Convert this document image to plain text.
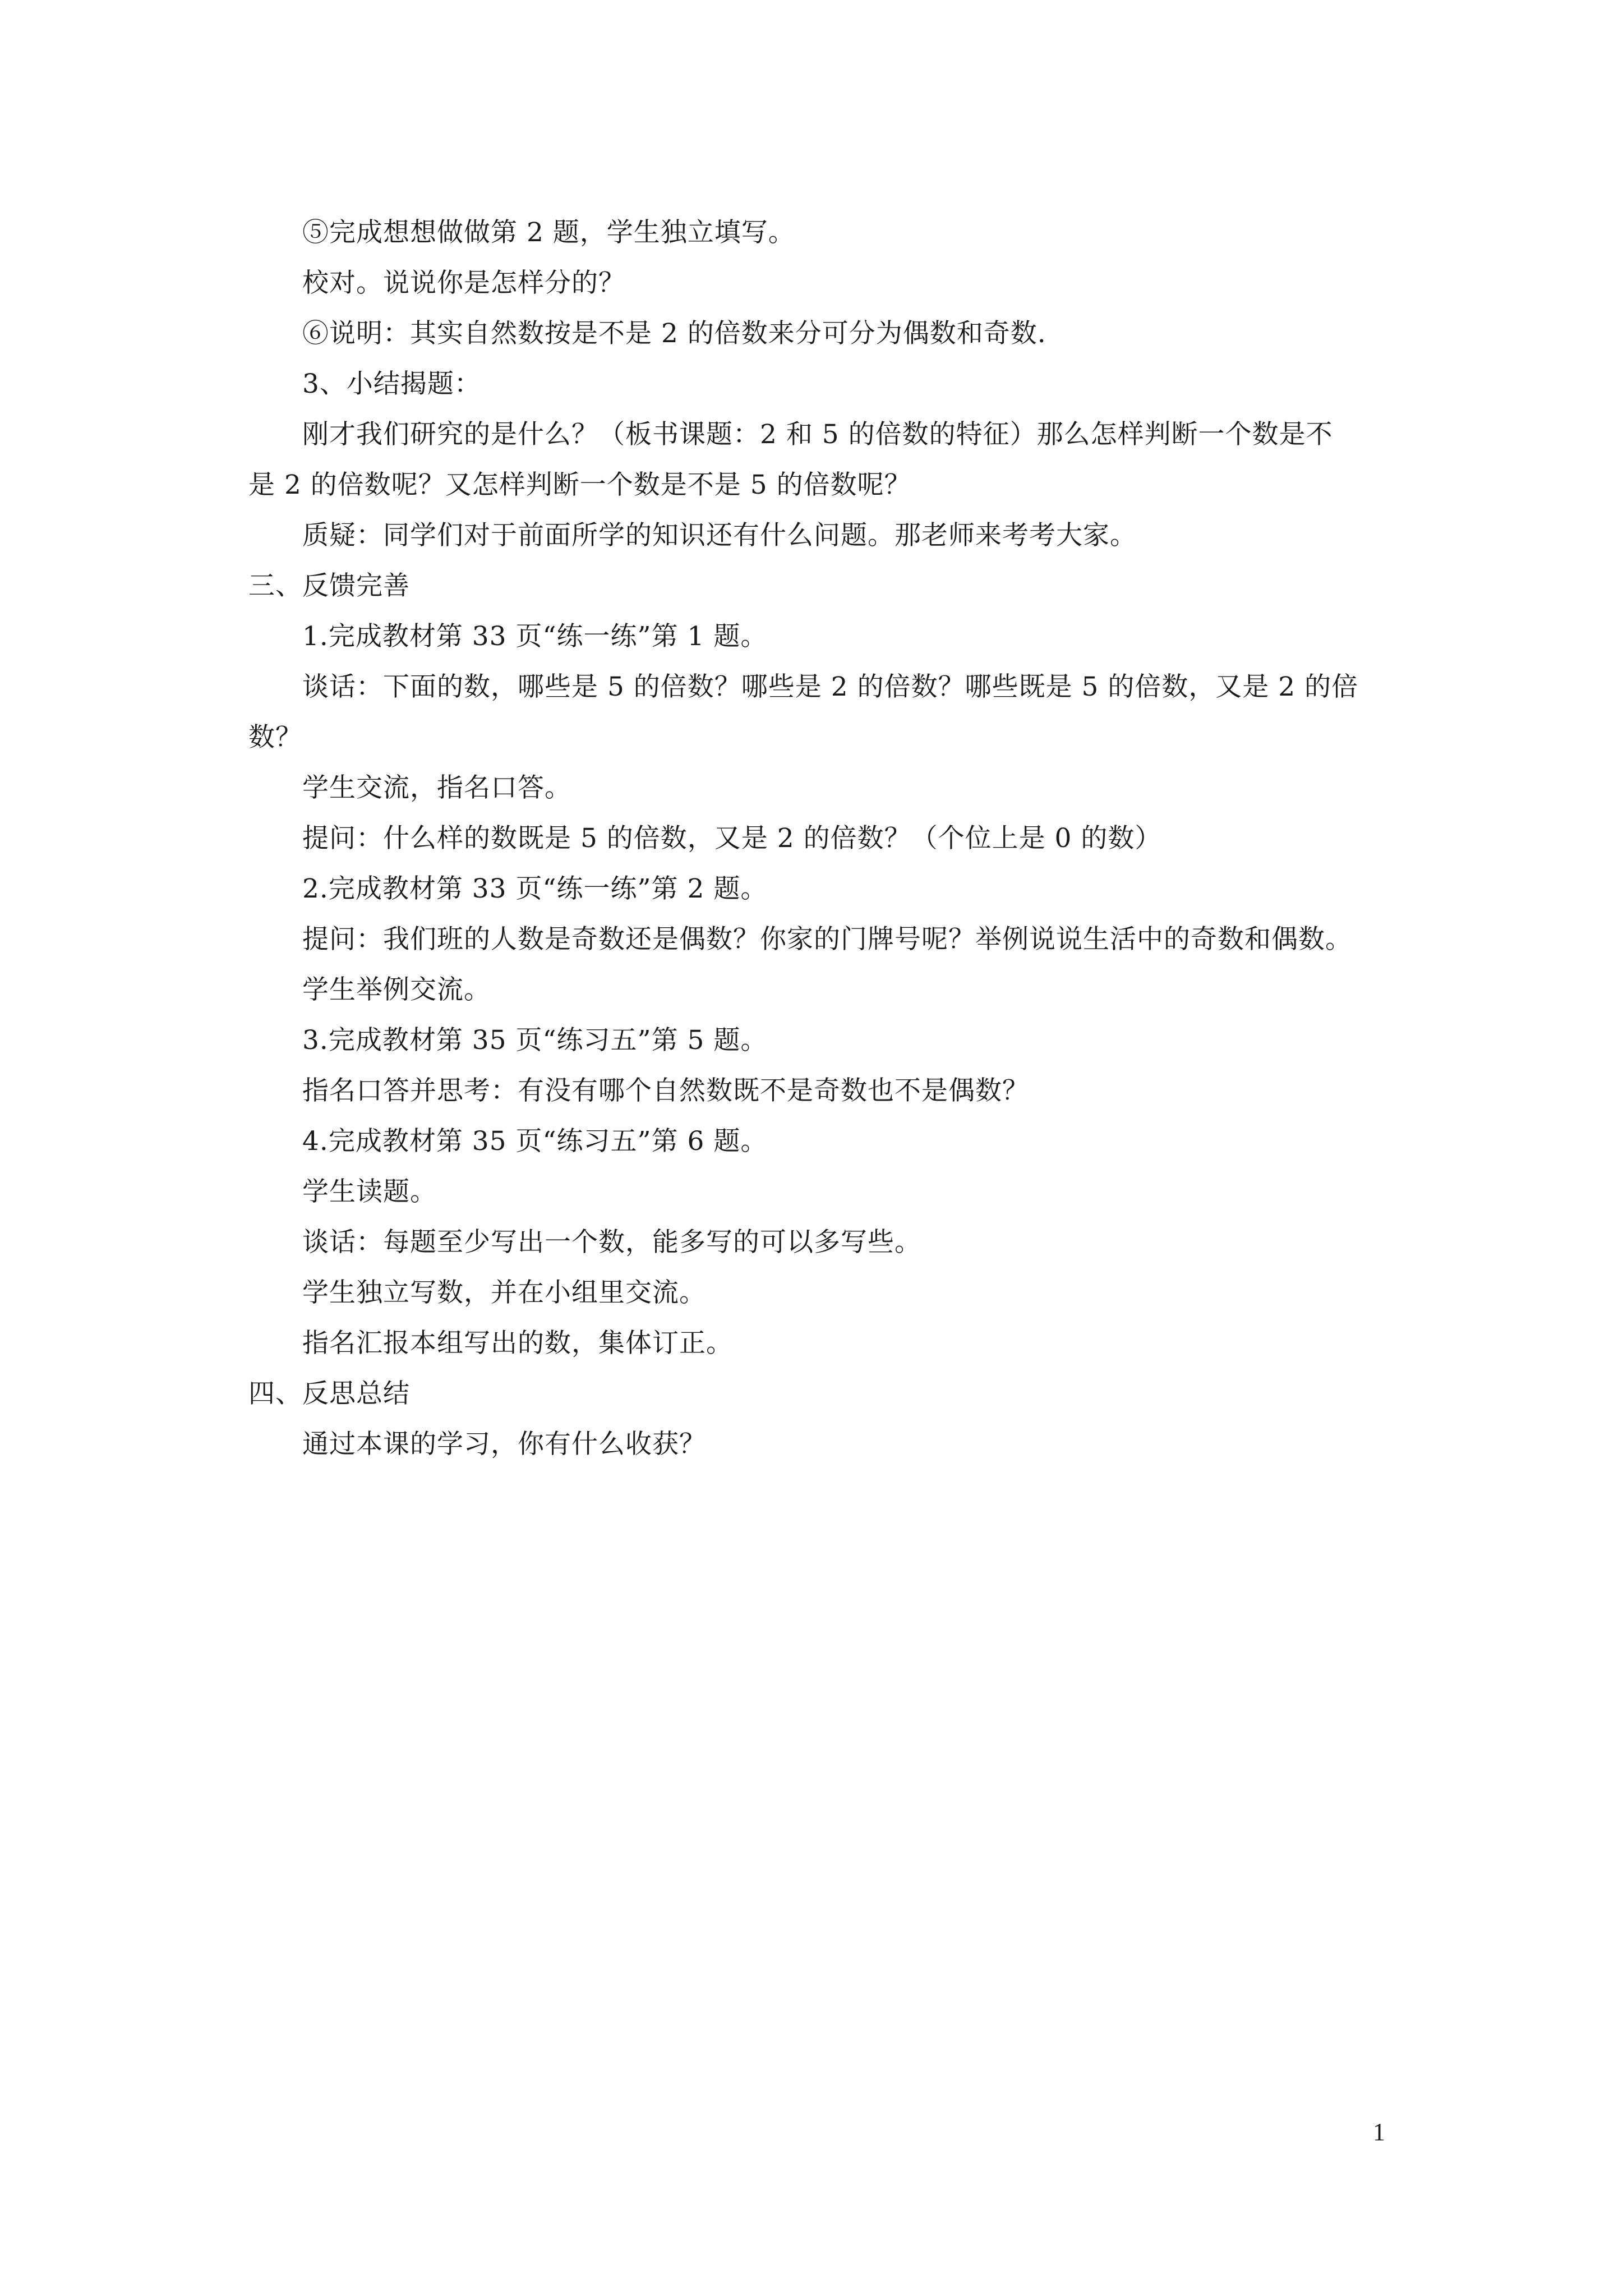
⑤完成想想做做第 2 题，学生独立填写。
校对。说说你是怎样分的？
⑥说明：其实自然数按是不是 2 的倍数来分可分为偶数和奇数.
3、小结揭题：
刚才我们研究的是什么？（板书课题：2 和 5 的倍数的特征）那么怎样判断一个数是不
是 2 的倍数呢？又怎样判断一个数是不是 5 的倍数呢？
质疑：同学们对于前面所学的知识还有什么问题。那老师来考考大家。
三、反馈完善
1.完成教材第 33 页“练一练”第 1 题。
谈话：下面的数，哪些是 5 的倍数？哪些是 2 的倍数？哪些既是 5 的倍数，又是 2 的倍
数？
学生交流，指名口答。
提问：什么样的数既是 5 的倍数，又是 2 的倍数？（个位上是 0 的数）
2.完成教材第 33 页“练一练”第 2 题。
提问：我们班的人数是奇数还是偶数？你家的门牌号呢？举例说说生活中的奇数和偶数。
学生举例交流。
3.完成教材第 35 页“练习五”第 5 题。
指名口答并思考：有没有哪个自然数既不是奇数也不是偶数？
4.完成教材第 35 页“练习五”第 6 题。
学生读题。
谈话：每题至少写出一个数，能多写的可以多写些。
学生独立写数，并在小组里交流。
指名汇报本组写出的数，集体订正。
四、反思总结
通过本课的学习，你有什么收获？
1
